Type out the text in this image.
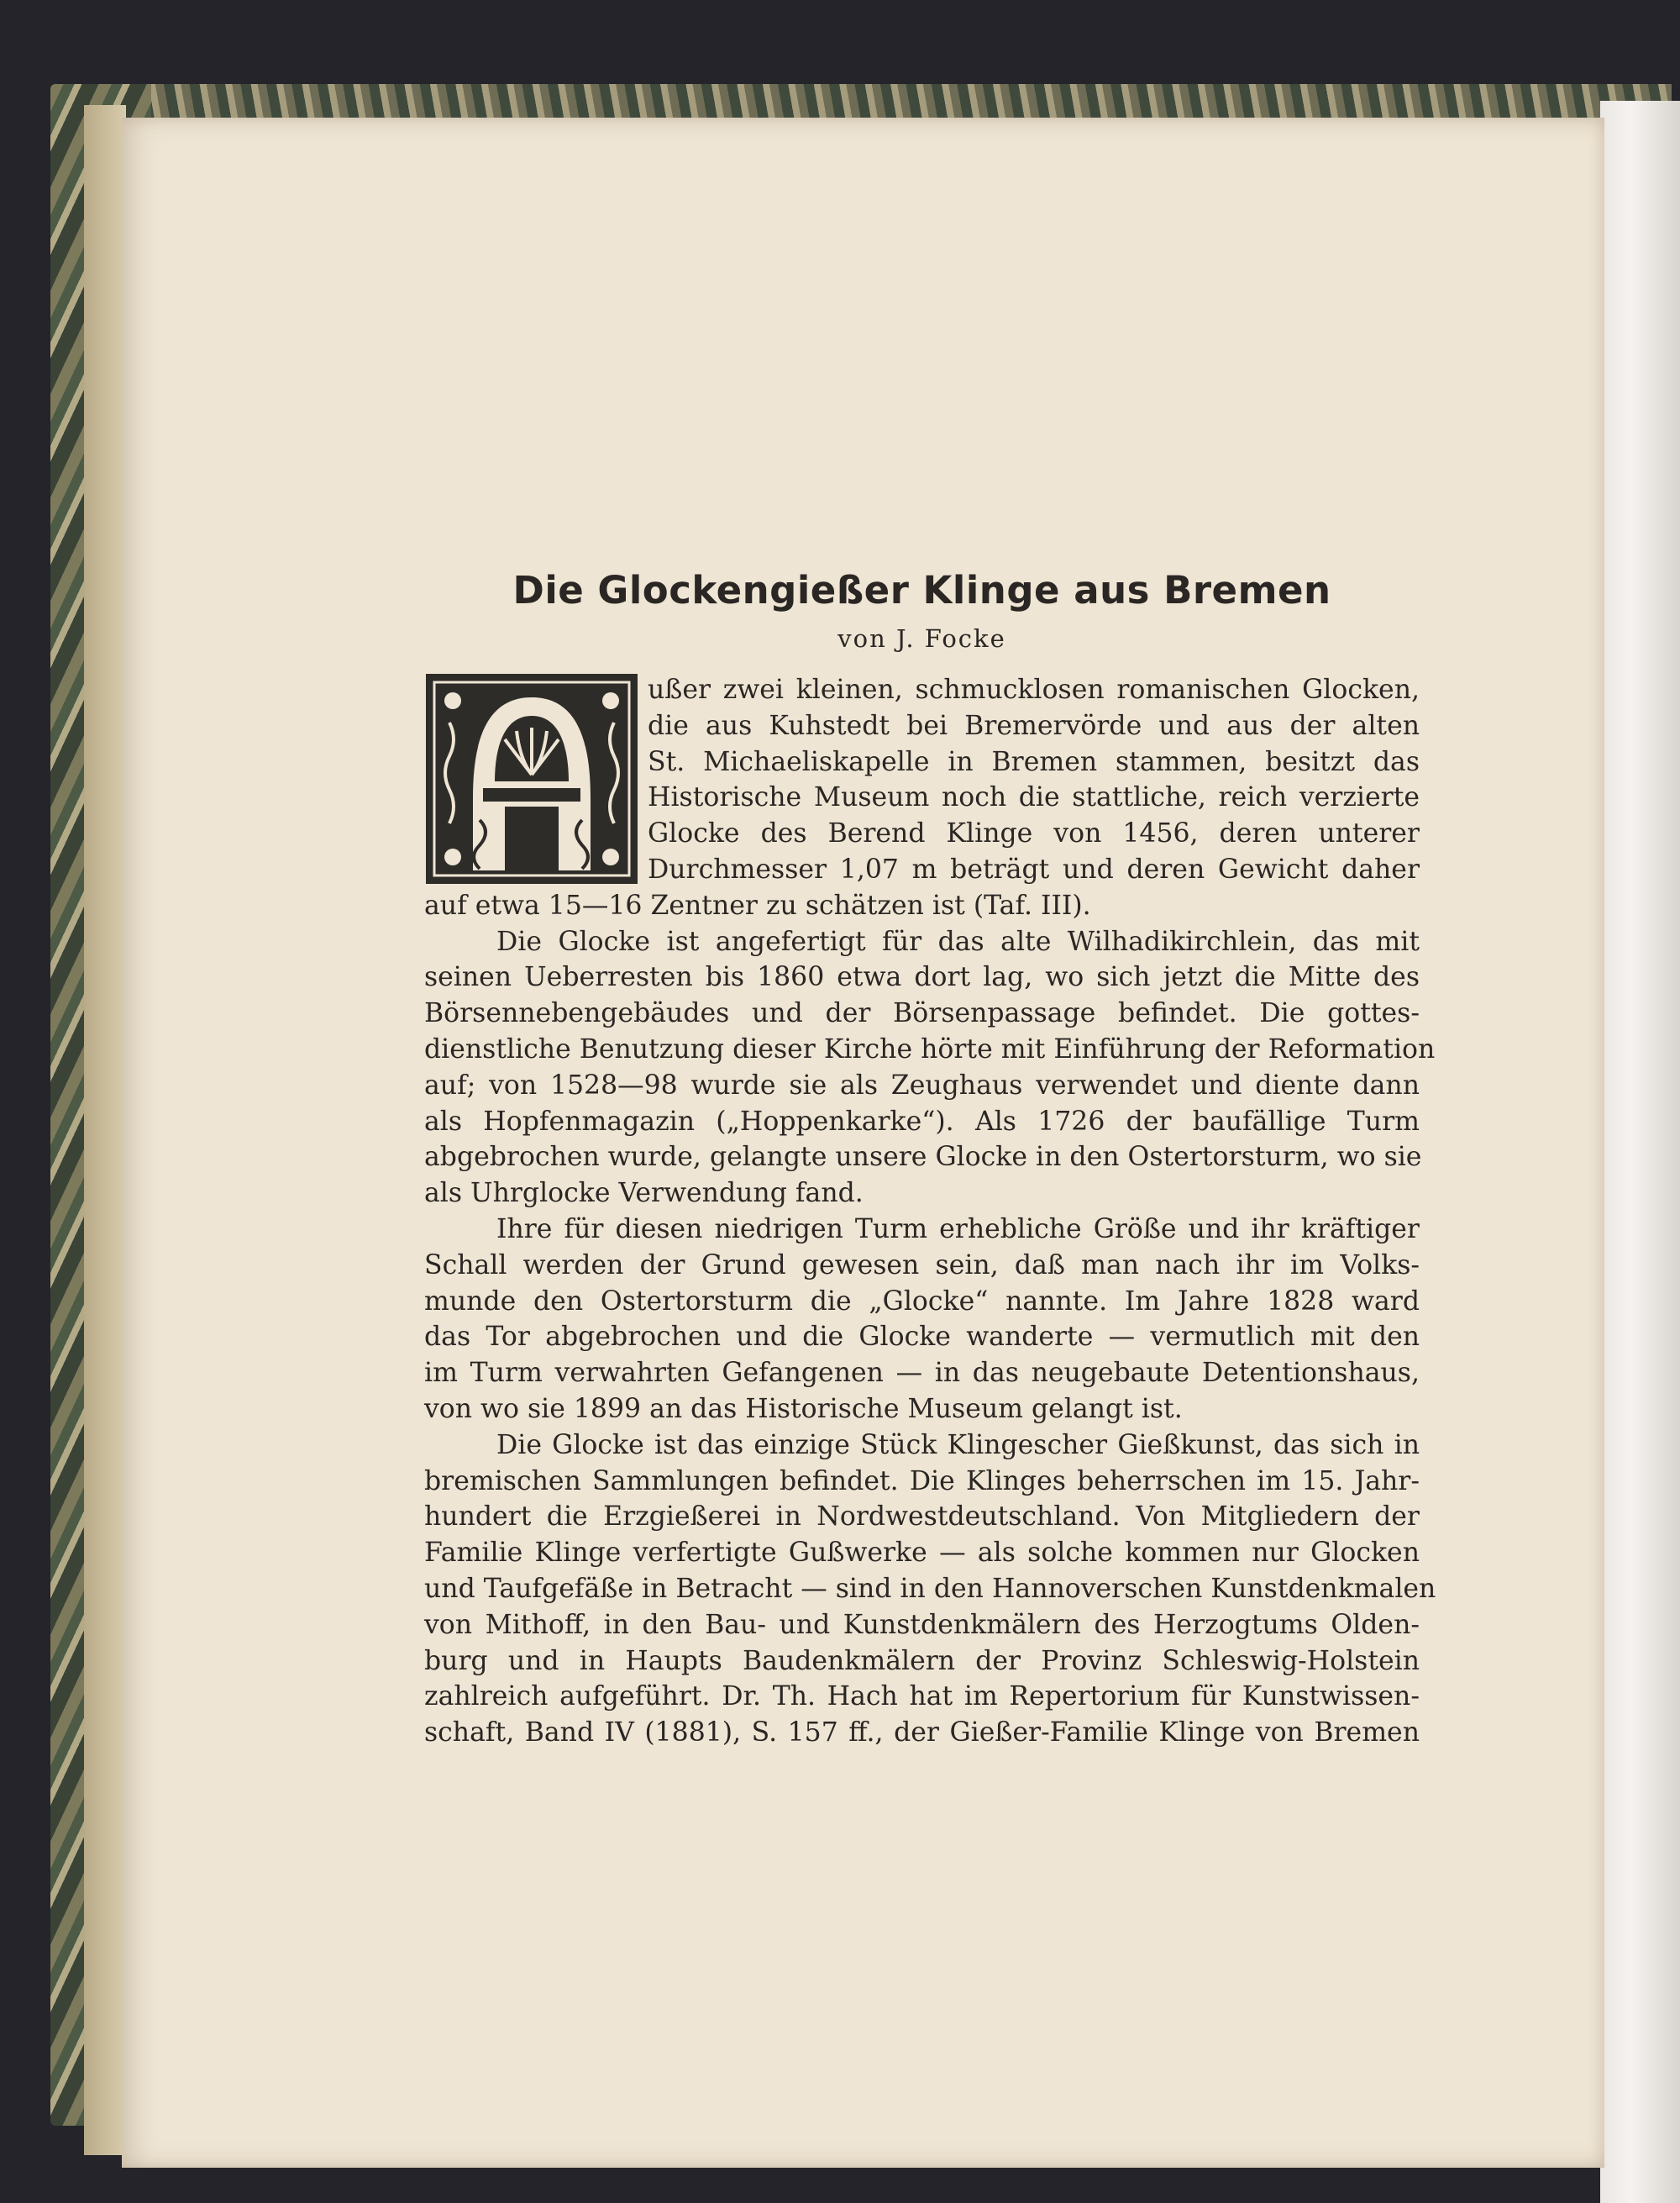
Die Glockengießer Klinge aus Bremen
von J. Focke
ußer zwei kleinen, schmucklosen romanischen Glocken,
die aus Kuhstedt bei Bremervörde und aus der alten
St. Michaeliskapelle in Bremen stammen, besitzt das
Historische Museum noch die stattliche, reich verzierte
Glocke des Berend Klinge von 1456, deren unterer
Durchmesser 1,07 m beträgt und deren Gewicht daher
auf etwa 15—16 Zentner zu schätzen ist (Taf. III).
Die Glocke ist angefertigt für das alte Wilhadikirchlein, das mit
seinen Ueberresten bis 1860 etwa dort lag, wo sich jetzt die Mitte des
Börsennebengebäudes und der Börsenpassage befindet. Die gottes-
dienstliche Benutzung dieser Kirche hörte mit Einführung der Reformation
auf; von 1528—98 wurde sie als Zeughaus verwendet und diente dann
als Hopfenmagazin („Hoppenkarke“). Als 1726 der baufällige Turm
abgebrochen wurde, gelangte unsere Glocke in den Ostertorsturm, wo sie
als Uhrglocke Verwendung fand.
Ihre für diesen niedrigen Turm erhebliche Größe und ihr kräftiger
Schall werden der Grund gewesen sein, daß man nach ihr im Volks-
munde den Ostertorsturm die „Glocke“ nannte. Im Jahre 1828 ward
das Tor abgebrochen und die Glocke wanderte — vermutlich mit den
im Turm verwahrten Gefangenen — in das neugebaute Detentionshaus,
von wo sie 1899 an das Historische Museum gelangt ist.
Die Glocke ist das einzige Stück Klingescher Gießkunst, das sich in
bremischen Sammlungen befindet. Die Klinges beherrschen im 15. Jahr-
hundert die Erzgießerei in Nordwestdeutschland. Von Mitgliedern der
Familie Klinge verfertigte Gußwerke — als solche kommen nur Glocken
und Taufgefäße in Betracht — sind in den Hannoverschen Kunstdenkmalen
von Mithoff, in den Bau- und Kunstdenkmälern des Herzogtums Olden-
burg und in Haupts Baudenkmälern der Provinz Schleswig-Holstein
zahlreich aufgeführt. Dr. Th. Hach hat im Repertorium für Kunstwissen-
schaft, Band IV (1881), S. 157 ff., der Gießer-Familie Klinge von Bremen
